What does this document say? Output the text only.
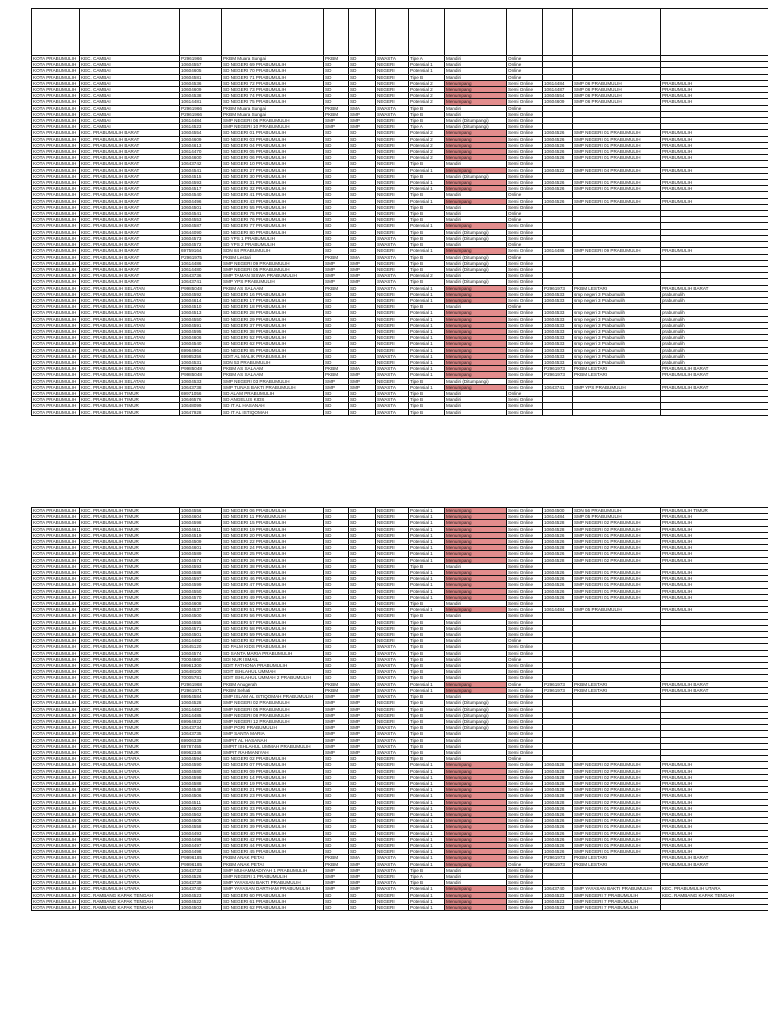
KOTA PRABUMULIH	KEC. CAMBAI	P2961966	PKBM Muara Sungai	PKBM	SD	SWASTA	Tipe A	Mandiri	Online			
KOTA PRABUMULIH	KEC. CAMBAI	10604557	SD NEGERI 69 PRABUMULIH	SD	SD	NEGERI	Potensial 1	Mandiri	Online			
KOTA PRABUMULIH	KEC. CAMBAI	10604605	SD NEGERI 70 PRABUMULIH	SD	SD	NEGERI	Potensial 1	Mandiri	Online			
KOTA PRABUMULIH	KEC. CAMBAI	10604581	SD NEGERI 71 PRABUMULIH	SD	SD	NEGERI	Tipe B	Mandiri	Online			
KOTA PRABUMULIH	KEC. CAMBAI	10604536	SD NEGERI 72 PRABUMULIH	SD	SD	NEGERI	Potensial 2	Menumpang	Semi Online	10614484	SMP 06 PRABUMULIH	PRABUMULIH
KOTA PRABUMULIH	KEC. CAMBAI	10604609	SD NEGERI 73 PRABUMULIH	SD	SD	NEGERI	Potensial 2	Menumpang	Semi Online	10614487	SMP 06 PRABUMULIH	PRABUMULIH
KOTA PRABUMULIH	KEC. CAMBAI	10604538	SD NEGERI 74 PRABUMULIH	SD	SD	NEGERI	Potensial 2	Menumpang	Semi Online	10604554	SMP 06 PRABUMULIH	PRABUMULIH
KOTA PRABUMULIH	KEC. CAMBAI	10614481	SD NEGERI 75 PRABUMULIH	SD	SD	NEGERI	Potensial 2	Menumpang	Semi Online	10604609	SMP 06 PRABUMULIH	PRABUMULIH
KOTA PRABUMULIH	KEC. CAMBAI	P2961966	PKBM Muara Sungai	PKBM	SMA	SWASTA	Tipe B	Mandiri	Online			
KOTA PRABUMULIH	KEC. CAMBAI	P2961966	PKBM Muara Sungai	PKBM	SMP	SWASTA	Tipe B	Mandiri	Semi Online			
KOTA PRABUMULIH	KEC. CAMBAI	10614484	SMP NEGERI 06 PRABUMULIH	SMP	SMP	NEGERI	Tipe B	Mandiri (Ditumpangi)	Semi Online			
KOTA PRABUMULIH	KEC. CAMBAI	10614523	SMP NEGERI 10 PRABUMULIH	SMP	SMP	NEGERI	Tipe A	Mandiri (Ditumpangi)	Semi Online			
KOTA PRABUMULIH	KEC. PRABUMULIH BARAT	10604554	SD NEGERI 01 PRABUMULIH	SD	SD	NEGERI	Potensial 2	Menumpang	Semi Online	10604526	SMP NEGERI 01 PRABUMULIH	PRABUMULIH
KOTA PRABUMULIH	KEC. PRABUMULIH BARAT	10604609	SD NEGERI 03 PRABUMULIH	SD	SD	NEGERI	Potensial 2	Menumpang	Semi Online	10604526	SMP NEGERI 01 PRABUMULIH	PRABUMULIH
KOTA PRABUMULIH	KEC. PRABUMULIH BARAT	10604613	SD NEGERI 04 PRABUMULIH	SD	SD	NEGERI	Potensial 2	Menumpang	Semi Online	10604526	SMP NEGERI 01 PRABUMULIH	PRABUMULIH
KOTA PRABUMULIH	KEC. PRABUMULIH BARAT	10614470	SD NEGERI 05 PRABUMULIH	SD	SD	NEGERI	Potensial 2	Menumpang	Semi Online	10604526	SMP NEGERI 01 PRABUMULIH	PRABUMULIH
KOTA PRABUMULIH	KEC. PRABUMULIH BARAT	10604600	SD NEGERI 06 PRABUMULIH	SD	SD	NEGERI	Potensial 2	Menumpang	Semi Online	10604526	SMP NEGERI 01 PRABUMULIH	PRABUMULIH
KOTA PRABUMULIH	KEC. PRABUMULIH BARAT	10643742	SD NEGERI 10 PRABUMULIH	SD	SD	NEGERI	Tipe B	Mandiri	Semi Online			
KOTA PRABUMULIH	KEC. PRABUMULIH BARAT	10604541	SD NEGERI 27 PRABUMULIH	SD	SD	NEGERI	Potensial 1	Menumpang	Semi Online	10604522	SMP NEGERI 04 PRABUMULIH	PRABUMULIH
KOTA PRABUMULIH	KEC. PRABUMULIH BARAT	10604515	SD NEGERI 30 PRABUMULIH	SD	SD	NEGERI	Tipe B	Mandiri (Ditumpangi)	Semi Online			
KOTA PRABUMULIH	KEC. PRABUMULIH BARAT	10604593	SD NEGERI 31 PRABUMULIH	SD	SD	NEGERI	Potensial 1	Menumpang	Semi Online	10604526	SMP NEGERI 01 PRABUMULIH	PRABUMULIH
KOTA PRABUMULIH	KEC. PRABUMULIH BARAT	10604517	SD NEGERI 32 PRABUMULIH	SD	SD	NEGERI	Potensial 1	Menumpang	Semi Online	10604526	SMP NEGERI 01 PRABUMULIH	PRABUMULIH
KOTA PRABUMULIH	KEC. PRABUMULIH BARAT	10604540	SD NEGERI 41 PRABUMULIH	SD	SD	NEGERI	Tipe B	Mandiri	Online			
KOTA PRABUMULIH	KEC. PRABUMULIH BARAT	10604496	SD NEGERI 43 PRABUMULIH	SD	SD	NEGERI	Potensial 1	Menumpang	Semi Online	10604526	SMP NEGERI 01 PRABUMULIH	PRABUMULIH
KOTA PRABUMULIH	KEC. PRABUMULIH BARAT	10604501	SD NEGERI 55 PRABUMULIH	SD	SD	NEGERI	Tipe B	Mandiri	Semi Online			
KOTA PRABUMULIH	KEC. PRABUMULIH BARAT	10604541	SD NEGERI 75 PRABUMULIH	SD	SD	NEGERI	Tipe B	Mandiri	Online			
KOTA PRABUMULIH	KEC. PRABUMULIH BARAT	10604553	SD NEGERI 76 PRABUMULIH	SD	SD	NEGERI	Tipe B	Mandiri	Online			
KOTA PRABUMULIH	KEC. PRABUMULIH BARAT	10604587	SD NEGERI 77 PRABUMULIH	SD	SD	NEGERI	Potensial 1	Menumpang	Semi Online			
KOTA PRABUMULIH	KEC. PRABUMULIH BARAT	10644090	SD NEGERI 80 PRABUMULIH	SD	SD	NEGERI	Tipe B	Mandiri (Ditumpangi)	Semi Online			
KOTA PRABUMULIH	KEC. PRABUMULIH BARAT	10604573	SD YPS 1 PRABUMULIH	SD	SD	SWASTA	Tipe B	Mandiri (Ditumpangi)	Semi Online			
KOTA PRABUMULIH	KEC. PRABUMULIH BARAT	10604572	SD YPS 2 PRABUMULIH	SD	SD	SWASTA	Tipe B	Mandiri	Online			
KOTA PRABUMULIH	KEC. PRABUMULIH BARAT	69759164	SDN 84 PRABUMULIH	SD	SD	NEGERI	Potensial 1	Menumpang	Semi Online	10614486	SMP NEGERI 09 PRABUMULIH	PRABUMULIH
KOTA PRABUMULIH	KEC. PRABUMULIH BARAT	P2961975	PKBM Lestari	PKBM	SMA	SWASTA	Tipe B	Mandiri (Ditumpangi)	Online			
KOTA PRABUMULIH	KEC. PRABUMULIH BARAT	10614486	SMP NEGERI 09 PRABUMULIH	SMP	SMP	NEGERI	Tipe B	Mandiri (Ditumpangi)	Semi Online			
KOTA PRABUMULIH	KEC. PRABUMULIH BARAT	10614480	SMP NEGERI 05 PRABUMULIH	SMP	SMP	NEGERI	Tipe B	Mandiri (Ditumpangi)	Semi Online			
KOTA PRABUMULIH	KEC. PRABUMULIH BARAT	10643736	SMP TAMAN SISWA PRABUMULIH	SMP	SMP	SWASTA	Potensial 2	Mandiri	Semi Online			
KOTA PRABUMULIH	KEC. PRABUMULIH BARAT	10643741	SMP YPS PRABUMULIH	SMP	SMP	SWASTA	Tipe B	Mandiri (Ditumpangi)	Semi Online			
KOTA PRABUMULIH	KEC. PRABUMULIH SELATAN	P9985048	PKBM AS SALAAM	PKBM	SD	SWASTA	Potensial 1	Menumpang	Semi Online	P2961973	PKBM LESTARI	PRABUMULIH BARAT
KOTA PRABUMULIH	KEC. PRABUMULIH SELATAN	10604592	SD NEGERI 16 PRABUMULIH	SD	SD	NEGERI	Potensial 1	Menumpang	Semi Online	10604533	smp negeri 3 Prabumulih	prabumulih
KOTA PRABUMULIH	KEC. PRABUMULIH SELATAN	10604614	SD NEGERI 17 PRABUMULIH	SD	SD	NEGERI	Potensial 1	Menumpang	Semi Online	10604533	smp negeri 3 Prabumulih	prabumulih
KOTA PRABUMULIH	KEC. PRABUMULIH SELATAN	10604510	SD NEGERI 18 PRABUMULIH	SD	SD	NEGERI	Tipe B	Mandiri	Online			
KOTA PRABUMULIH	KEC. PRABUMULIH SELATAN	10604513	SD NEGERI 28 PRABUMULIH	SD	SD	NEGERI	Potensial 1	Menumpang	Semi Online	10604533	smp negeri 3 Prabumulih	prabumulih
KOTA PRABUMULIH	KEC. PRABUMULIH SELATAN	10604550	SD NEGERI 29 PRABUMULIH	SD	SD	NEGERI	Potensial 1	Menumpang	Semi Online	10604533	smp negeri 3 Prabumulih	prabumulih
KOTA PRABUMULIH	KEC. PRABUMULIH SELATAN	10604591	SD NEGERI 37 PRABUMULIH	SD	SD	NEGERI	Potensial 1	Menumpang	Semi Online	10604533	smp negeri 3 Prabumulih	prabumulih
KOTA PRABUMULIH	KEC. PRABUMULIH SELATAN	10604595	SD NEGERI 38 PRABUMULIH	SD	SD	NEGERI	Potensial 1	Menumpang	Semi Online	10604533	smp negeri 3 Prabumulih	prabumulih
KOTA PRABUMULIH	KEC. PRABUMULIH SELATAN	10604606	SD NEGERI 52 PRABUMULIH	SD	SD	NEGERI	Potensial 1	Menumpang	Semi Online	10604533	smp negeri 3 Prabumulih	prabumulih
KOTA PRABUMULIH	KEC. PRABUMULIH SELATAN	10604540	SD NEGERI 62 PRABUMULIH	SD	SD	NEGERI	Potensial 1	Menumpang	Semi Online	10604533	smp negeri 3 Prabumulih	prabumulih
KOTA PRABUMULIH	KEC. PRABUMULIH SELATAN	69964964	SD NEGERI 85 PRABUMULIH	SD	SD	NEGERI	Potensial 1	Menumpang	Semi Online	10604533	smp negeri 3 Prabumulih	prabumulih
KOTA PRABUMULIH	KEC. PRABUMULIH SELATAN	69985356	SDIT AL MALIK PRABUMULIH	SD	SD	SWASTA	Potensial 1	Menumpang	Semi Online	10604533	smp negeri 3 Prabumulih	prabumulih
KOTA PRABUMULIH	KEC. PRABUMULIH SELATAN	10604531	SDN 53 PRABUMULIH	SD	SD	NEGERI	Potensial 1	Menumpang	Semi Online	10604533	smp negeri 3 Prabumulih	prabumulih
KOTA PRABUMULIH	KEC. PRABUMULIH SELATAN	P9985048	PKBM AS SALAAM	PKBM	SMA	SWASTA	Potensial 1	Menumpang	Semi Online	P2961973	PKBM LESTARI	PRABUMULIH BARAT
KOTA PRABUMULIH	KEC. PRABUMULIH SELATAN	P9985048	PKBM AS SALAAM	PKBM	SMP	SWASTA	Potensial 1	Menumpang	Semi Online	P2961973	PKBM LESTARI	PRABUMULIH BARAT
KOTA PRABUMULIH	KEC. PRABUMULIH SELATAN	10604533	SMP NEGERI 03 PRABUMULIH	SMP	SMP	NEGERI	Tipe B	Mandiri (Ditumpangi)	Semi Online			
KOTA PRABUMULIH	KEC. PRABUMULIH SELATAN	10643738	SMP TUNAS BAKTI PRABUMULIH	SMP	SMP	SWASTA	Potensial 1	Menumpang	Semi Online	10643741	SMP YPS PRABUMULIH	PRABUMULIH BARAT
KOTA PRABUMULIH	KEC. PRABUMULIH TIMUR	69971056	SD ALAM PRABUMULIH	SD	SD	SWASTA	Tipe B	Mandiri	Online			
KOTA PRABUMULIH	KEC. PRABUMULIH TIMUR	10646576	SD ANGELUS KIDS	SD	SD	SWASTA	Tipe B	Mandiri	Semi Online			
KOTA PRABUMULIH	KEC. PRABUMULIH TIMUR	10648099	SD IT AL HASANAH	SD	SD	SWASTA	Tipe B	Mandiri	Semi Online			
KOTA PRABUMULIH	KEC. PRABUMULIH TIMUR	10647928	SD IT AL ISTIQOMAH	SD	SD	SWASTA	Tipe B	Mandiri	Semi Online			
KOTA PRABUMULIH	KEC. PRABUMULIH TIMUR	10604556	SD NEGERI 06 PRABUMULIH	SD	SD	NEGERI	Potensial 1	Menumpang	Semi Online	10604500	SDN 56 PRABUMULIH	PRABUMULIH TIMUR
KOTA PRABUMULIH	KEC. PRABUMULIH TIMUR	10604604	SD NEGERI 11 PRABUMULIH	SD	SD	NEGERI	Potensial 1	Menumpang	Semi Online	10614484	SMP 05 PRABUMULIH	PRABUMULIH
KOTA PRABUMULIH	KEC. PRABUMULIH TIMUR	10604598	SD NEGERI 15 PRABUMULIH	SD	SD	NEGERI	Potensial 1	Menumpang	Semi Online	10604528	SMP NEGERI 02 PRABUMULIH	PRABUMULIH
KOTA PRABUMULIH	KEC. PRABUMULIH TIMUR	10604611	SD NEGERI 19 PRABUMULIH	SD	SD	NEGERI	Potensial 1	Menumpang	Semi Online	10604528	SMP NEGERI 02 PRABUMULIH	PRABUMULIH
KOTA PRABUMULIH	KEC. PRABUMULIH TIMUR	10604519	SD NEGERI 20 PRABUMULIH	SD	SD	NEGERI	Potensial 1	Menumpang	Semi Online	10604526	SMP NEGERI 01 PRABUMULIH	PRABUMULIH
KOTA PRABUMULIH	KEC. PRABUMULIH TIMUR	10604509	SD NEGERI 22 PRABUMULIH	SD	SD	NEGERI	Potensial 1	Menumpang	Semi Online	10604526	SMP NEGERI 01 PRABUMULIH	PRABUMULIH
KOTA PRABUMULIH	KEC. PRABUMULIH TIMUR	10604601	SD NEGERI 24 PRABUMULIH	SD	SD	NEGERI	Potensial 1	Menumpang	Semi Online	10604528	SMP NEGERI 02 PRABUMULIH	PRABUMULIH
KOTA PRABUMULIH	KEC. PRABUMULIH TIMUR	10604589	SD NEGERI 25 PRABUMULIH	SD	SD	NEGERI	Potensial 1	Menumpang	Semi Online	10604526	SMP NEGERI 01 PRABUMULIH	PRABUMULIH
KOTA PRABUMULIH	KEC. PRABUMULIH TIMUR	10604574	SD NEGERI 26 PRABUMULIH	SD	SD	NEGERI	Potensial 1	Menumpang	Semi Online	10604528	SMP NEGERI 02 PRABUMULIH	PRABUMULIH
KOTA PRABUMULIH	KEC. PRABUMULIH TIMUR	10604593	SD NEGERI 38 PRABUMULIH	SD	SD	NEGERI	Tipe B	Mandiri	Semi Online			
KOTA PRABUMULIH	KEC. PRABUMULIH TIMUR	10604588	SD NEGERI 40 PRABUMULIH	SD	SD	NEGERI	Potensial 1	Menumpang	Semi Online	10604526	SMP NEGERI 01 PRABUMULIH	PRABUMULIH
KOTA PRABUMULIH	KEC. PRABUMULIH TIMUR	10604597	SD NEGERI 46 PRABUMULIH	SD	SD	NEGERI	Potensial 1	Menumpang	Semi Online	10604526	SMP NEGERI 01 PRABUMULIH	PRABUMULIH
KOTA PRABUMULIH	KEC. PRABUMULIH TIMUR	10604599	SD NEGERI 47 PRABUMULIH	SD	SD	NEGERI	Potensial 1	Menumpang	Semi Online	10604526	SMP NEGERI 01 PRABUMULIH	PRABUMULIH
KOTA PRABUMULIH	KEC. PRABUMULIH TIMUR	10604550	SD NEGERI 48 PRABUMULIH	SD	SD	NEGERI	Potensial 1	Menumpang	Semi Online	10604526	SMP NEGERI 01 PRABUMULIH	PRABUMULIH
KOTA PRABUMULIH	KEC. PRABUMULIH TIMUR	10604570	SD NEGERI 49 PRABUMULIH	SD	SD	NEGERI	Potensial 1	Menumpang	Semi Online	10604526	SMP NEGERI 01 PRABUMULIH	PRABUMULIH
KOTA PRABUMULIH	KEC. PRABUMULIH TIMUR	10604608	SD NEGERI 50 PRABUMULIH	SD	SD	NEGERI	Tipe B	Mandiri	Semi Online			
KOTA PRABUMULIH	KEC. PRABUMULIH TIMUR	10604537	SD NEGERI 51 PRABUMULIH	SD	SD	NEGERI	Potensial 1	Menumpang	Semi Online	10614484	SMP 05 PRABUMULIH	PRABUMULIH
KOTA PRABUMULIH	KEC. PRABUMULIH TIMUR	10604500	SD NEGERI 56 PRABUMULIH	SD	SD	NEGERI	Tipe B	Mandiri	Semi Online			
KOTA PRABUMULIH	KEC. PRABUMULIH TIMUR	10604555	SD NEGERI 57 PRABUMULIH	SD	SD	NEGERI	Tipe B	Mandiri	Semi Online			
KOTA PRABUMULIH	KEC. PRABUMULIH TIMUR	10604571	SD NEGERI 58 PRABUMULIH	SD	SD	NEGERI	Tipe B	Mandiri	Semi Online			
KOTA PRABUMULIH	KEC. PRABUMULIH TIMUR	10604501	SD NEGERI 59 PRABUMULIH	SD	SD	NEGERI	Tipe B	Mandiri	Semi Online			
KOTA PRABUMULIH	KEC. PRABUMULIH TIMUR	10614482	SD NEGERI 82 PRABUMULIH	SD	SD	NEGERI	Tipe B	Mandiri	Online			
KOTA PRABUMULIH	KEC. PRABUMULIH TIMUR	10645120	SD PALM KIDS PRABUMULIH	SD	SD	SWASTA	Tipe B	Mandiri	Semi Online			
KOTA PRABUMULIH	KEC. PRABUMULIH TIMUR	10604574	SD SANTA MARIA PRABUMULIH	SD	SD	SWASTA	Tipe B	Mandiri	Semi Online			
KOTA PRABUMULIH	KEC. PRABUMULIH TIMUR	70004860	SDI NUR ISMAIL	SD	SD	SWASTA	Tipe B	Mandiri	Online			
KOTA PRABUMULIH	KEC. PRABUMULIH TIMUR	69961300	SDIT FATHONA PRABUMULIH	SD	SD	SWASTA	Tipe B	Mandiri	Semi Online			
KOTA PRABUMULIH	KEC. PRABUMULIH TIMUR	10648100	SDIT ISHLAHUL UMMAH	SD	SD	SWASTA	Tipe B	Mandiri	Semi Online			
KOTA PRABUMULIH	KEC. PRABUMULIH TIMUR	70005781	SDIT ISHLAHUL UMMAH 2 PRABUMULIH	SD	SD	SWASTA	Tipe B	Mandiri	Semi Online			
KOTA PRABUMULIH	KEC. PRABUMULIH TIMUR	P2961968	PKBM Anugerah	PKBM	SMA	SWASTA	Potensial 1	Menumpang	Online	P2961973	PKBM LESTARI	PRABUMULIH BARAT
KOTA PRABUMULIH	KEC. PRABUMULIH TIMUR	P2961971	PKBM Sehati	PKBM	SMP	SWASTA	Potensial 1	Menumpang	Semi Online	P2961973	PKBM LESTARI	PRABUMULIH BARAT
KOTA PRABUMULIH	KEC. PRABUMULIH TIMUR	69954584	SMP ISLAM AL ISTIQOMAH PRABUMULIH	SMP	SMP	SWASTA	Tipe B	Mandiri	Semi Online			
KOTA PRABUMULIH	KEC. PRABUMULIH TIMUR	10604528	SMP NEGERI 02 PRABUMULIH	SMP	SMP	NEGERI	Tipe B	Mandiri (Ditumpangi)	Semi Online			
KOTA PRABUMULIH	KEC. PRABUMULIH TIMUR	10614483	SMP NEGERI 05 PRABUMULIH	SMP	SMP	NEGERI	Tipe B	Mandiri (Ditumpangi)	Semi Online			
KOTA PRABUMULIH	KEC. PRABUMULIH TIMUR	10614485	SMP NEGERI 08 PRABUMULIH	SMP	SMP	NEGERI	Tipe B	Mandiri (Ditumpangi)	Semi Online			
KOTA PRABUMULIH	KEC. PRABUMULIH TIMUR	69964922	SMP NEGERI 12 PRABUMULIH	SMP	SMP	NEGERI	Tipe B	Mandiri (Ditumpangi)	Semi Online			
KOTA PRABUMULIH	KEC. PRABUMULIH TIMUR	10643734	SMP PGRI PRABUMULIH	SMP	SMP	SWASTA	Tipe B	Mandiri (Ditumpangi)	Semi Online			
KOTA PRABUMULIH	KEC. PRABUMULIH TIMUR	10643735	SMP SANTA MARIA	SMP	SMP	SWASTA	Tipe B	Mandiri	Semi Online			
KOTA PRABUMULIH	KEC. PRABUMULIH TIMUR	69906339	SMPIT AL HASANAH	SMP	SMP	SWASTA	Tipe B	Mandiri	Semi Online			
KOTA PRABUMULIH	KEC. PRABUMULIH TIMUR	69787455	SMPIT ISHLAHUL UMMAH PRABUMULIH	SMP	SMP	SWASTA	Tipe B	Mandiri	Semi Online			
KOTA PRABUMULIH	KEC. PRABUMULIH TIMUR	69962346	SMPIT RAHMANIYAH	SMP	SMP	SWASTA	Tipe B	Mandiri	Semi Online			
KOTA PRABUMULIH	KEC. PRABUMULIH UTARA	10604594	SD NEGERI 02 PRABUMULIH	SD	SD	NEGERI	Tipe B	Mandiri	Online			
KOTA PRABUMULIH	KEC. PRABUMULIH UTARA	10604590	SD NEGERI 07 PRABUMULIH	SD	SD	NEGERI	Potensial 1	Menumpang	Semi Online	10604528	SMP NEGERI 02 PRABUMULIH	PRABUMULIH
KOTA PRABUMULIH	KEC. PRABUMULIH UTARA	10604580	SD NEGERI 09 PRABUMULIH	SD	SD	NEGERI	Potensial 1	Menumpang	Semi Online	10604528	SMP NEGERI 02 PRABUMULIH	PRABUMULIH
KOTA PRABUMULIH	KEC. PRABUMULIH UTARA	10604598	SD NEGERI 14 PRABUMULIH	SD	SD	NEGERI	Potensial 1	Menumpang	Semi Online	10604528	SMP NEGERI 02 PRABUMULIH	PRABUMULIH
KOTA PRABUMULIH	KEC. PRABUMULIH UTARA	10604588	SD NEGERI 19 PRABUMULIH	SD	SD	NEGERI	Potensial 1	Menumpang	Semi Online	10604528	SMP NEGERI 02 PRABUMULIH	PRABUMULIH
KOTA PRABUMULIH	KEC. PRABUMULIH UTARA	10604548	SD NEGERI 21 PRABUMULIH	SD	SD	NEGERI	Potensial 1	Menumpang	Semi Online	10604528	SMP NEGERI 02 PRABUMULIH	PRABUMULIH
KOTA PRABUMULIH	KEC. PRABUMULIH UTARA	10604506	SD NEGERI 23 PRABUMULIH	SD	SD	NEGERI	Potensial 1	Menumpang	Semi Online	10604528	SMP NEGERI 02 PRABUMULIH	PRABUMULIH
KOTA PRABUMULIH	KEC. PRABUMULIH UTARA	10604511	SD NEGERI 26 PRABUMULIH	SD	SD	NEGERI	Potensial 1	Menumpang	Semi Online	10604528	SMP NEGERI 02 PRABUMULIH	PRABUMULIH
KOTA PRABUMULIH	KEC. PRABUMULIH UTARA	10604503	SD NEGERI 33 PRABUMULIH	SD	SD	NEGERI	Potensial 1	Menumpang	Semi Online	10604526	SMP NEGERI 01 PRABUMULIH	PRABUMULIH
KOTA PRABUMULIH	KEC. PRABUMULIH UTARA	10604562	SD NEGERI 35 PRABUMULIH	SD	SD	NEGERI	Potensial 1	Menumpang	Semi Online	10604526	SMP NEGERI 01 PRABUMULIH	PRABUMULIH
KOTA PRABUMULIH	KEC. PRABUMULIH UTARA	10604505	SD NEGERI 36 PRABUMULIH	SD	SD	NEGERI	Potensial 1	Menumpang	Semi Online	10604526	SMP NEGERI 01 PRABUMULIH	PRABUMULIH
KOTA PRABUMULIH	KEC. PRABUMULIH UTARA	10604558	SD NEGERI 39 PRABUMULIH	SD	SD	NEGERI	Potensial 1	Menumpang	Semi Online	10604526	SMP NEGERI 01 PRABUMULIH	PRABUMULIH
KOTA PRABUMULIH	KEC. PRABUMULIH UTARA	10604493	SD NEGERI 40 PRABUMULIH	SD	SD	NEGERI	Potensial 1	Menumpang	Semi Online	10604526	SMP NEGERI 01 PRABUMULIH	PRABUMULIH
KOTA PRABUMULIH	KEC. PRABUMULIH UTARA	10604496	SD NEGERI 42 PRABUMULIH	SD	SD	NEGERI	Potensial 1	Menumpang	Semi Online	10604526	SMP NEGERI 01 PRABUMULIH	PRABUMULIH
KOTA PRABUMULIH	KEC. PRABUMULIH UTARA	10604497	SD NEGERI 44 PRABUMULIH	SD	SD	NEGERI	Potensial 1	Menumpang	Semi Online	10604526	SMP NEGERI 01 PRABUMULIH	PRABUMULIH
KOTA PRABUMULIH	KEC. PRABUMULIH UTARA	10604498	SD NEGERI 45 PRABUMULIH	SD	SD	NEGERI	Potensial 1	Menumpang	Semi Online	10604526	SMP NEGERI 01 PRABUMULIH	PRABUMULIH
KOTA PRABUMULIH	KEC. PRABUMULIH UTARA	P9996185	PKBM ANAK PETAI	PKBM	SMA	SWASTA	Potensial 1	Menumpang	Semi Online	P2961973	PKBM LESTARI	PRABUMULIH BARAT
KOTA PRABUMULIH	KEC. PRABUMULIH UTARA	P9996185	PKBM ANAK PETAI	PKBM	SMP	SWASTA	Potensial 1	Menumpang	Online	P2961973	PKBM LESTARI	PRABUMULIH BARAT
KOTA PRABUMULIH	KEC. PRABUMULIH UTARA	10643733	SMP MUHAMMADIYAH 1 PRABUMULIH	SMP	SMP	SWASTA	Tipe B	Mandiri	Semi Online			
KOTA PRABUMULIH	KEC. PRABUMULIH UTARA	10604526	SMP NEGERI 1 PRABUMULIH	SMP	SMP	NEGERI	Tipe A	Mandiri	Semi Online			
KOTA PRABUMULIH	KEC. PRABUMULIH UTARA	10643739	SMP YAYASAN BAKTI PRABUMULIH	SMP	SMP	SWASTA	Tipe B	Mandiri	Semi Online			
KOTA PRABUMULIH	KEC. PRABUMULIH UTARA	10643740	SMP YAYASAN DARTHAM PRABUMULIH	SMP	SMP	SWASTA	Potensial 1	Menumpang	Semi Online	10643740	SMP YAYASAN BAKTI PRABUMULIH	KEC. PRABUMULIH UTARA
KOTA PRABUMULIH	KEC. RAMBANG KAPAK TENGAH	10604523	SD NEGERI 60 PRABUMULIH	SD	SD	NEGERI	Potensial 1	Menumpang	Semi Online	10604523	SMP NEGERI 7 PRABUMULIH	KEC. RAMBANG KAPAK TENGAH
KOTA PRABUMULIH	KEC. RAMBANG KAPAK TENGAH	10604522	SD NEGERI 61 PRABUMULIH	SD	SD	NEGERI	Potensial 1	Menumpang	Semi Online	10604523	SMP NEGERI 7 PRABUMULIH	
KOTA PRABUMULIH	KEC. RAMBANG KAPAK TENGAH	10604503	SD NEGERI 62 PRABUMULIH	SD	SD	NEGERI	Potensial 1	Menumpang	Semi Online	10604523	SMP NEGERI 7 PRABUMULIH	
